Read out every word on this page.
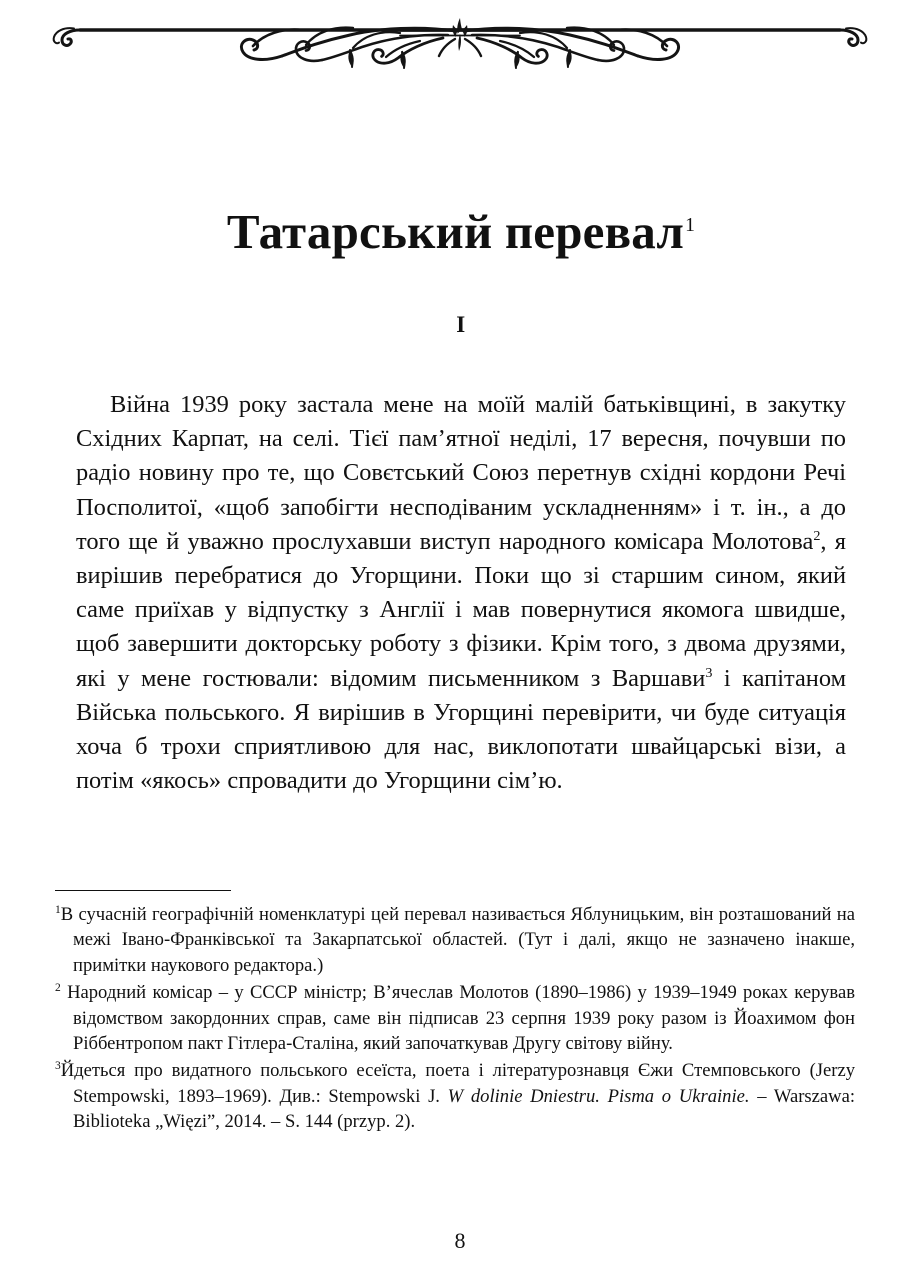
Татарський перевал$^1$
I

Війна 1939 року застала мене на моїй малій батьківщині, в закутку Східних Карпат, на селі. Тієї пам’ятної неділі, 17 вересня, почувши по радіо новину про те, що Совєтський Союз перетнув східні кордони Речі Посполитої, «щоб запобігти несподіваним ускладненням» і т. ін., а до того ще й уважно прослухавши виступ народного комісара Молотова$^2$, я вирішив перебратися до Угорщини. Поки що зі старшим сином, який саме приїхав у відпустку з Англії і мав повернутися якомога швидше, щоб завершити докторську роботу з фізики. Крім того, з двома друзями, які у мене гостювали: відомим письменником з Варшави$^3$ і капітаном Війська польського. Я вирішив в Угорщині перевірити, чи буде ситуація хоча б трохи сприятливою для нас, виклопотати швайцарські візи, а потім «якось» спровадити до Угорщини сім’ю.

$^1$В сучасній географічній номенклатурі цей перевал називається Яблуницьким, він розташований на межі Івано-Франківської та Закарпатської областей. (Тут і далі, якщо не зазначено інакше, примітки наукового редактора.)

$^2$ Народний комісар – у СССР міністр; В’ячеслав Молотов (1890–1986) у 1939–1949 роках керував відомством закордонних справ, саме він підписав 23 серпня 1939 року разом із Йоахимом фон Ріббентропом пакт Гітлера-Сталіна, який започаткував Другу світову війну.

$^3$Йдеться про видатного польського есеїста, поета і літературознавця Єжи Стемповського (Jerzy Stempowski, 1893–1969). Див.: Stempowski J. W dolinie Dniestru. Pisma o Ukrainie. – Warszawa: Biblioteka „Więzi”, 2014. – S. 144 (przyp. 2).

8
